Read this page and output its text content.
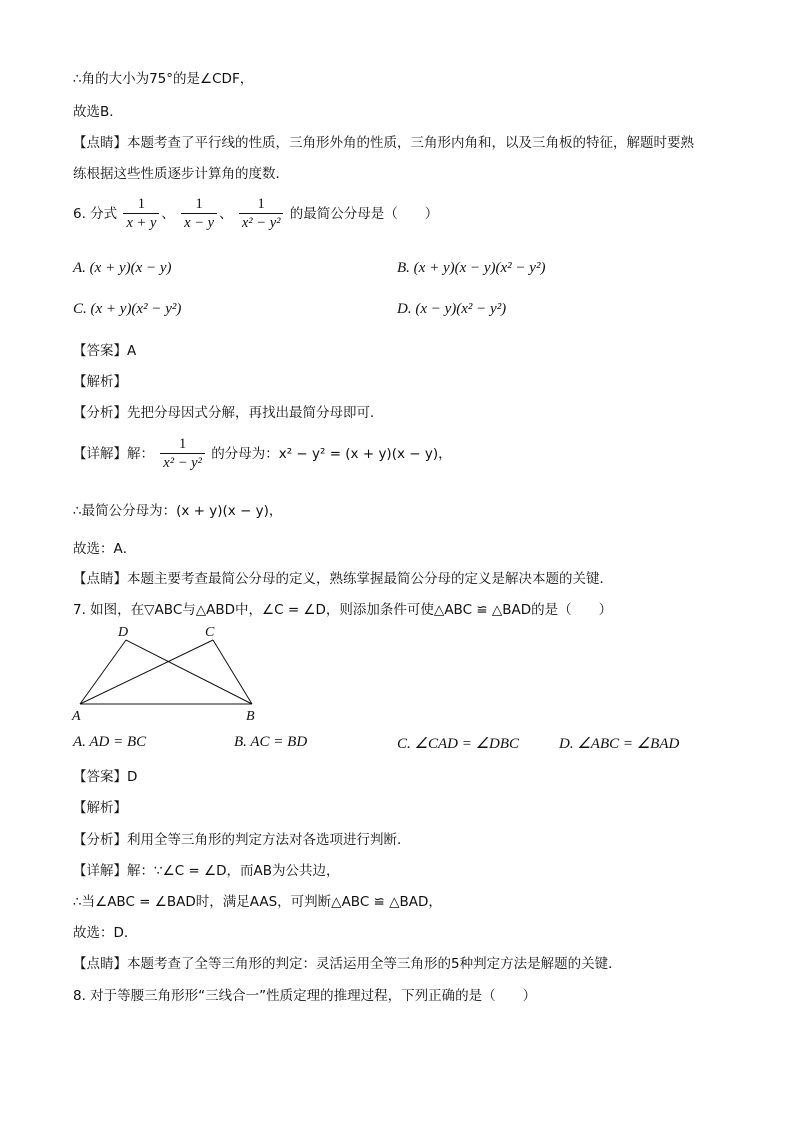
∴角的大小为75°的是∠CDF，
故选B．
【点睛】本题考查了平行线的性质，三角形外角的性质，三角形内角和，以及三角板的特征，解题时要熟
练根据这些性质逐步计算角的度数．
6. 分式 $\frac{1}{x + y}$ 、 $\frac{1}{x - y}$ 、 $\frac{1}{\text{x² − y²}}$ 的最简公分母是（　　）
A. (x + y)(x − y)	B. (x + y)(x − y)(x² − y²)
C. (x + y)(x² − y²)	D. (x − y)(x² − y²)
【答案】A
【解析】
【分析】先把分母因式分解，再找出最简分母即可．
【详解】解： $\frac{1}{\text{x² − y²}}$ 的分母为：x² − y² = (x + y)(x − y)，
∴最简公分母为：(x + y)(x − y)，
故选：A．
【点睛】本题主要考查最简公分母的定义，熟练掌握最简公分母的定义是解决本题的关键．
7. 如图，在▽ABC与△ABD中，∠C = ∠D，则添加条件可使△ABC ≌ △BAD的是（　　）
D	C
A	B
A. AD = BC	B. AC = BD	C. ∠CAD = ∠DBC	D. ∠ABC = ∠BAD
【答案】D
【解析】
【分析】利用全等三角形的判定方法对各选项进行判断．
【详解】解：∵∠C = ∠D，而AB为公共边，
∴当∠ABC = ∠BAD时，满足AAS，可判断△ABC ≌ △BAD，
故选：D．
【点睛】本题考查了全等三角形的判定：灵活运用全等三角形的5种判定方法是解题的关键．
8. 对于等腰三角形形“三线合一”性质定理的推理过程，下列正确的是（　　）
